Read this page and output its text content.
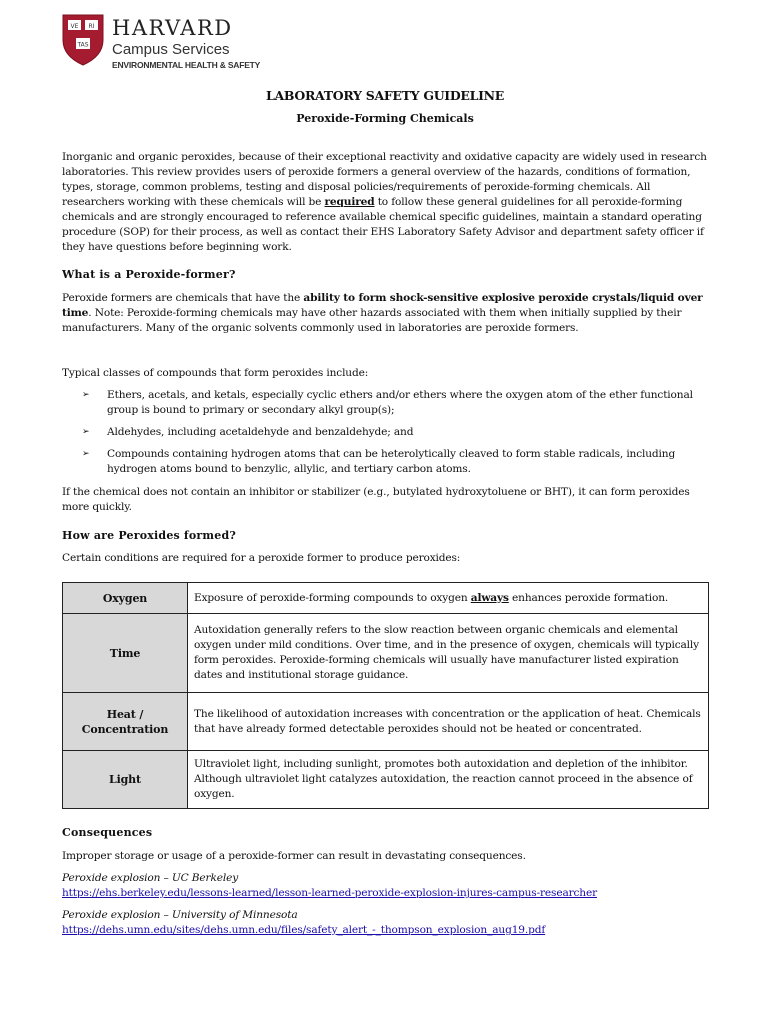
VE RI
TAS
HARVARD
Campus Services
ENVIRONMENTAL HEALTH & SAFETY
LABORATORY SAFETY GUIDELINE
Peroxide-Forming Chemicals
Inorganic and organic peroxides, because of their exceptional reactivity and oxidative capacity are widely used in research laboratories. This review provides users of peroxide formers a general overview of the hazards, conditions of formation, types, storage, common problems, testing and disposal policies/requirements of peroxide-forming chemicals. All researchers working with these chemicals will be required to follow these general guidelines for all peroxide-forming chemicals and are strongly encouraged to reference available chemical specific guidelines, maintain a standard operating procedure (SOP) for their process, as well as contact their EHS Laboratory Safety Advisor and department safety officer if they have questions before beginning work.
What is a Peroxide-former?
Peroxide formers are chemicals that have the ability to form shock-sensitive explosive peroxide crystals/liquid over time. Note: Peroxide-forming chemicals may have other hazards associated with them when initially supplied by their manufacturers. Many of the organic solvents commonly used in laboratories are peroxide formers.
Typical classes of compounds that form peroxides include:
➢ Ethers, acetals, and ketals, especially cyclic ethers and/or ethers where the oxygen atom of the ether functional group is bound to primary or secondary alkyl group(s);
➢ Aldehydes, including acetaldehyde and benzaldehyde; and
➢ Compounds containing hydrogen atoms that can be heterolytically cleaved to form stable radicals, including hydrogen atoms bound to benzylic, allylic, and tertiary carbon atoms.
If the chemical does not contain an inhibitor or stabilizer (e.g., butylated hydroxytoluene or BHT), it can form peroxides more quickly.
How are Peroxides formed?
Certain conditions are required for a peroxide former to produce peroxides:
Oxygen	Exposure of peroxide-forming compounds to oxygen always enhances peroxide formation.
Time	Autoxidation generally refers to the slow reaction between organic chemicals and elemental oxygen under mild conditions. Over time, and in the presence of oxygen, chemicals will typically form peroxides. Peroxide-forming chemicals will usually have manufacturer listed expiration dates and institutional storage guidance.
Heat / Concentration	The likelihood of autoxidation increases with concentration or the application of heat. Chemicals that have already formed detectable peroxides should not be heated or concentrated.
Light	Ultraviolet light, including sunlight, promotes both autoxidation and depletion of the inhibitor. Although ultraviolet light catalyzes autoxidation, the reaction cannot proceed in the absence of oxygen.
Consequences
Improper storage or usage of a peroxide-former can result in devastating consequences.
Peroxide explosion – UC Berkeley
https://ehs.berkeley.edu/lessons-learned/lesson-learned-peroxide-explosion-injures-campus-researcher
Peroxide explosion – University of Minnesota
https://dehs.umn.edu/sites/dehs.umn.edu/files/safety_alert_-_thompson_explosion_aug19.pdf
